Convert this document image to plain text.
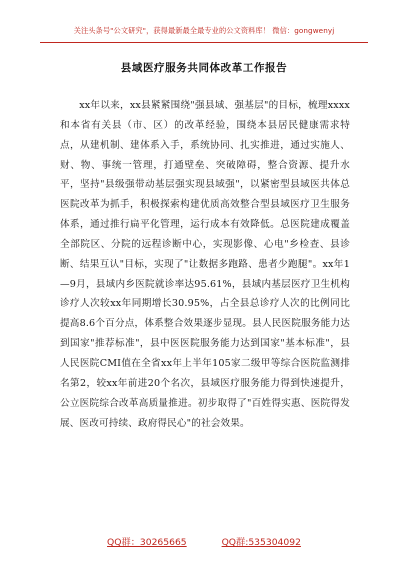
关注头条号"公文研究"，获得最新最全最专业的公文资料库！ 微信：gongwenyj
县域医疗服务共同体改革工作报告

xx年以来，xx县紧紧围绕"强县域、强基层"的目标，梳理xxxx和本省有关县（市、区）的改革经验，围绕本县居民健康需求特点，从建机制、建体系入手，系统协同、扎实推进，通过实施人、财、物、事统一管理，打通壁垒、突破障碍，整合资源、提升水平，坚持"县级强带动基层强实现县域强"，以紧密型县域医共体总医院改革为抓手，积极探索构建优质高效整合型县域医疗卫生服务体系，通过推行扁平化管理，运行成本有效降低。总医院建成覆盖全部院区、分院的远程诊断中心，实现影像、心电"乡检查、县诊断、结果互认"目标，实现了"让数据多跑路、患者少跑腿"。xx年1—9月，县域内乡医院就诊率达95.61%，县域内基层医疗卫生机构诊疗人次较xx年同期增长30.95%，占全县总诊疗人次的比例同比提高8.6个百分点，体系整合效果逐步显现。县人民医院服务能力达到国家"推荐标准"，县中医医院服务能力达到国家"基本标准"，县人民医院CMI值在全省xx年上半年105家二级甲等综合医院监测排名第2，较xx年前进20个名次，县域医疗服务能力得到快速提升，公立医院综合改革高质量推进。初步取得了"百姓得实惠、医院得发展、医改可持续、政府得民心"的社会效果。

QQ群：30265665	QQ群:535304092
